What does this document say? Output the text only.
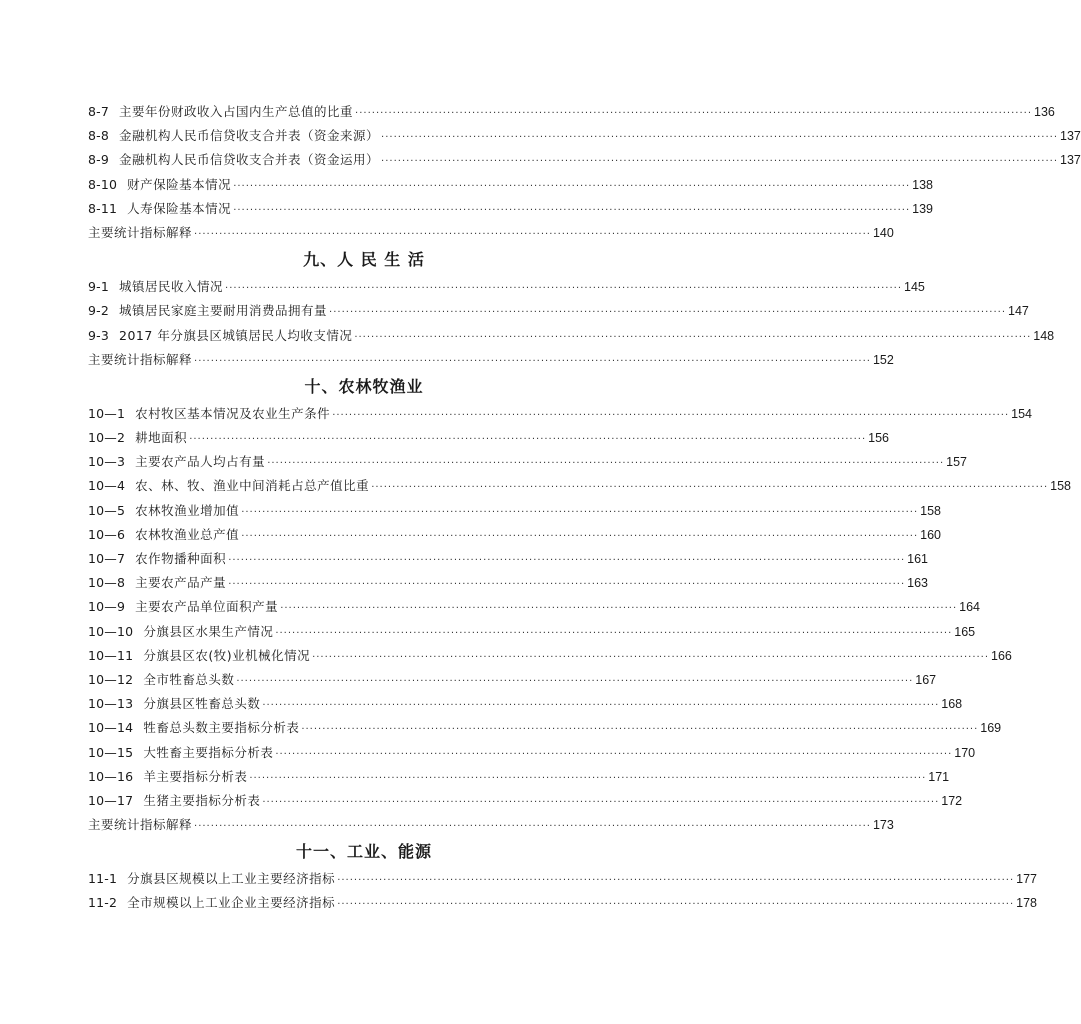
8-7 主要年份财政收入占国内生产总值的比重 ·····	136
8-8 金融机构人民币信贷收支合并表（资金来源） ·····	137
8-9 金融机构人民币信贷收支合并表（资金运用） ·····	137
8-10 财产保险基本情况 ·····	138
8-11 人寿保险基本情况 ·····	139
主要统计指标解释 ·····	140
九、人 民 生 活
9-1 城镇居民收入情况 ·····	145
9-2 城镇居民家庭主要耐用消费品拥有量 ·····	147
9-3 2017 年分旗县区城镇居民人均收支情况 ·····	148
主要统计指标解释 ·····	152
十、农林牧渔业
10—1 农村牧区基本情况及农业生产条件 ·····	154
10—2 耕地面积 ·····	156
10—3 主要农产品人均占有量 ·····	157
10—4 农、林、牧、渔业中间消耗占总产值比重 ·····	158
10—5 农林牧渔业增加值 ·····	158
10—6 农林牧渔业总产值 ·····	160
10—7 农作物播种面积 ·····	161
10—8 主要农产品产量 ·····	163
10—9 主要农产品单位面积产量 ·····	164
10—10 分旗县区水果生产情况 ·····	165
10—11 分旗县区农(牧)业机械化情况 ·····	166
10—12 全市牲畜总头数 ·····	167
10—13 分旗县区牲畜总头数 ·····	168
10—14 牲畜总头数主要指标分析表 ·····	169
10—15 大牲畜主要指标分析表 ·····	170
10—16 羊主要指标分析表 ·····	171
10—17 生猪主要指标分析表 ·····	172
主要统计指标解释 ·····	173
十一、工业、能源
11-1 分旗县区规模以上工业主要经济指标 ·····	177
11-2 全市规模以上工业企业主要经济指标 ·····	178
